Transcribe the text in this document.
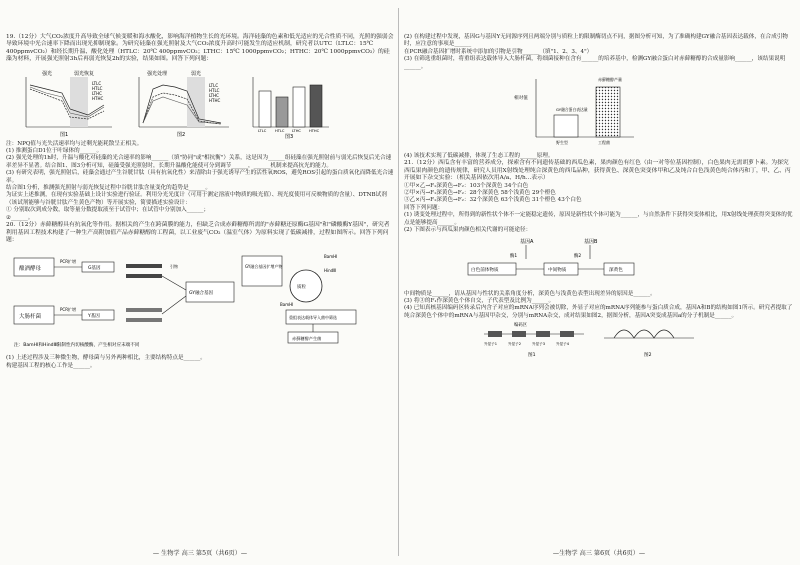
19.（12分）大气CO₂浓度升高导致全球气候变暖和海水酸化，影响海洋植物生长的光环境。海洋硅藻的色素和低光适应的光合性质不同，光照的强弱会导致环境中光合速率下降而出现光抑制现象。为研究硅藻在强光照射及大气CO₂浓度升高时可能发生的适应机制，研究者以UTC（LTLC：15℃ 400ppmvCO₂）和经长期升温、酸化处理（HTLC：20℃ 400ppmvCO₂；LTHC：15℃ 1000ppmvCO₂；HTHC：20℃ 1000ppmvCO₂）的硅藻为材料，开展强光照射3h后再弱光恢复2h的实验，结果如图。回答下列问题：

强光	弱光恢复
LTLC
HTLC
LTHC
HTHC
图1
强光处理	弱光
LTLC
HTLC
LTHC
HTHC
图2
LTLC HTLC LTHC HTHC
图3

注：NPQ值与光失活速率均与过剩光能耗散呈正相关。

(1) 推测蛋白D1位于叶绿体的______。

(2) 强光处理的1h时，升温与酸化对硅藻的光合速率的影响______（填"协同"或"相抗衡"）关系，这是因为______组硅藻在强光照射前与弱光后恢复后光合速率差异不显著。结合图1、图3分析可知，硅藻受强光照射时，长期升温酸化能使可分到调节______，______机制来提高抗光的能力。

(3) 有研究表明，强光照射后，硅藻会通过产生谷胱甘肽（具有抗氧化性）来清除由于强光诱导产生的活性氧ROS，避免ROS引起的蛋白质氧化而降低光合速率。

结合图1分析，推测强光照射与弱光恢复过程中谷胱甘肽含量变化的趋势是______。

为证实上述推测，在现有实验基础上设计实验进行验证。利用分光光度计（可用于测定溶液中物质的吸光值）、现光度使用可反映物质的含量）、DTNB试剂（该试剂能够与谷胱甘肽产生黄色产物）等开展实验，简要描述实验设计：

① 分别取次到成分数，取等量分数提取液至于试管中；在试管中分别加入______；

②______。

20.（12分）赤藓糖醇具有抗氧化等作用。据相关的产生在跨菌膜的能力，但缺乏合成赤藓糖醇所需的"赤藓糖还原酶G基因"和"磷酸酶Y基因"，研究者利用基因工程技术构建了一种生产高附加值产品赤藓糖醇的工程菌，以工业废气CO₂（温室气体）为原料实现了低碳减排，过程如图所示。回答下列问题：

酿酒酵母
大肠杆菌
G基因
Y基因
PCR扩增
PCR扩增
引物
GY融合基因
GY融合基因扩增产物
质粒
HindⅢ
BamHⅠ
BamHⅠ
重组表达载体导入菌中筛选
赤藓糖醇产生菌
注：BamHⅠ和HindⅢ限制性内切核酸酶，产生相对应末端不同

(1) 上述过程涉及三种微生物，酵母菌与另外两种相比，主要结构特点是______。

构建基因工程的核心工作是______。

— 生物学 高三 第5页（共6页）—

(2) 在构建过程中发现，基因G与基因Y无同源序列且两端分别与质粒上的限制酶切点不同，据图分析可知，为了准确构建GY融合基因表达载体，在合成引物时，应注意的事项是______

在PCR融合基因扩增时系统中添加的引物是引物______（填"1、2、3、4"）

(3) 在筛选重组菌时，将重组表达载体导入大肠杆菌，将细菌接种在含有______的培养基中，检测GY融合蛋白对赤藓糖醇的合成量影响______，该结果说明______。

相对值
GY融合蛋白表达量
赤藓糖醇产量
野生型	工程菌

(4) 该技术实现了低碳减排，体现了生态工程的______原理。

21.（12分）西瓜含有丰富的营养成分，探索含有不同遗传基础的西瓜色素，果肉颜色有红色（由一对等位基因控制），白色果肉无需胡萝卜素。为探究西瓜果肉颜色的遗传规律，研究人员用X射线处理纯合深黄色的西瓜品种，获得黄色、深黄色突变体甲和乙及纯合白色浅黄色纯合体丙和丁，甲、乙、丙开展如下杂交实验：（相关基因依次用A/a、H/h...表示）

①甲×乙→F₁深黄色→F₂：103个深黄色 34个白色

②甲×丙→F₁深黄色→F₂：28个深黄色 58个浅黄色 29个橙色

③乙×丙→F₁深黄色→F₂：32个深黄色 63个浅黄色 31个橙色 43个白色

回答下列问题：

(1) 诱变处理过程中，所得到的新性状个体不一定能稳定遗传，原因是新性状个体可能为______，与自然条件下获得突变体相比，用X射线处理获得突变体的优点是能够提高______。

(2) 下图表示与西瓜果肉颜色相关代谢的可能途径：

基因A	基因B
酶1	酶2
白色前体物质	中间物质	深黄色

中间物质是______，请从基因与性状的关系角度分析，深黄色与浅黄色表型出现差异的原因是______。

(3) 将③的F₁作深黄色个体自交，子代表型及比例为______。

(4) 已知真核基因编码区转录后内含子对应的mRNA序列会被切除，外显子对应的mRNA序列能参与蛋白质合成，基因A和B的结构如图1所示。研究者提取了纯合深黄色个体中的mRNA与基因甲杂交，分别与mRNA杂交，成对结果如图2，据图分析，基因A突变成基因a的分子机制是______。

编码区
外显子1	外显子2	外显子3	外显子4
图1	图2
—生物学 高三 第6页（共6页）—
